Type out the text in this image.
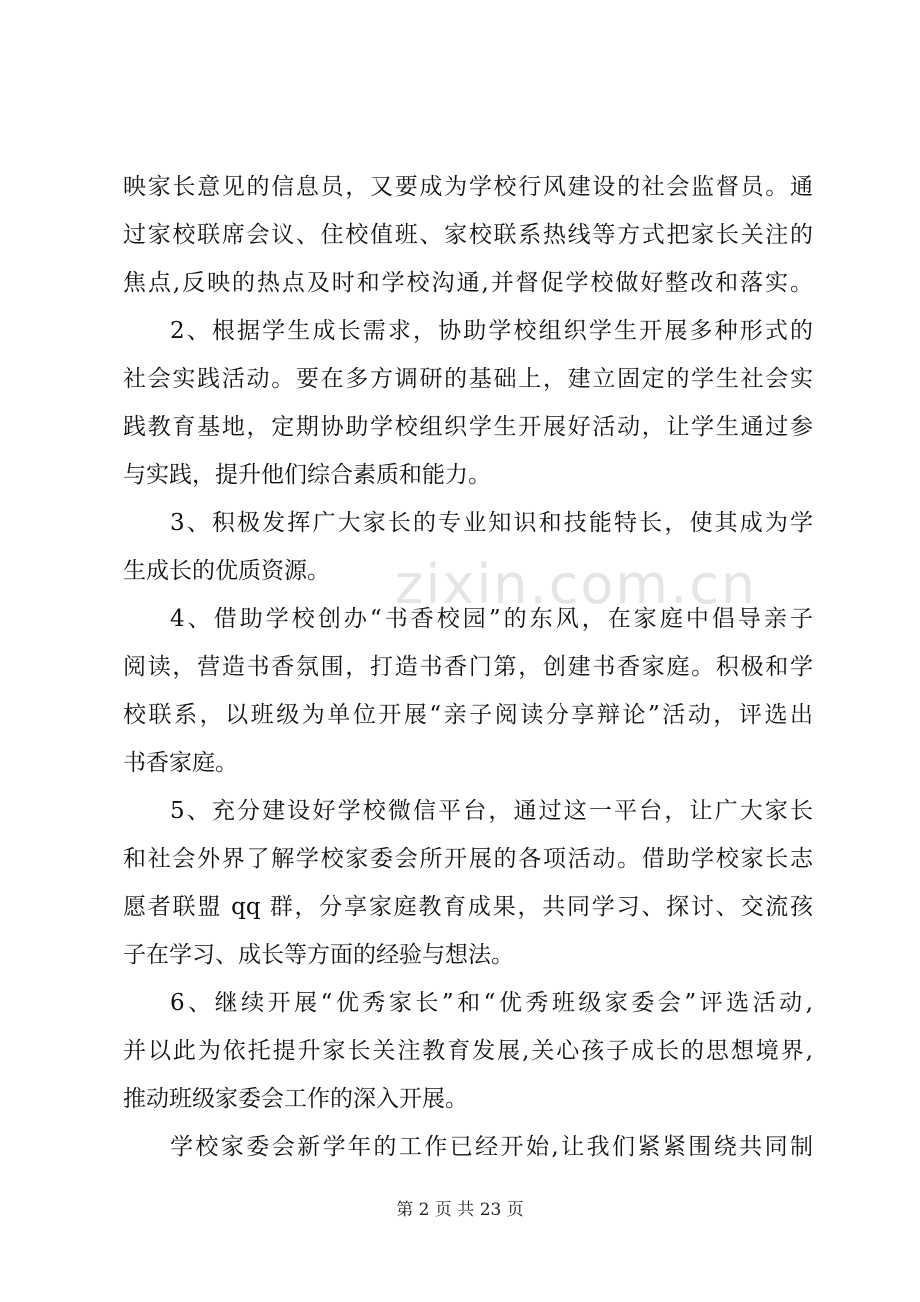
映家长意见的信息员，又要成为学校行风建设的社会监督员。通
过家校联席会议、住校值班、家校联系热线等方式把家长关注的
焦点,反映的热点及时和学校沟通,并督促学校做好整改和落实。
2、根据学生成长需求，协助学校组织学生开展多种形式的
社会实践活动。要在多方调研的基础上，建立固定的学生社会实
践教育基地，定期协助学校组织学生开展好活动，让学生通过参
与实践，提升他们综合素质和能力。
3、积极发挥广大家长的专业知识和技能特长，使其成为学
生成长的优质资源。
4、借助学校创办“书香校园”的东风，在家庭中倡导亲子
阅读，营造书香氛围，打造书香门第，创建书香家庭。积极和学
校联系，以班级为单位开展“亲子阅读分享辩论”活动，评选出
书香家庭。
5、充分建设好学校微信平台，通过这一平台，让广大家长
和社会外界了解学校家委会所开展的各项活动。借助学校家长志
愿者联盟 qq 群，分享家庭教育成果，共同学习、探讨、交流孩
子在学习、成长等方面的经验与想法。
6、继续开展“优秀家长”和“优秀班级家委会”评选活动,
并以此为依托提升家长关注教育发展,关心孩子成长的思想境界,
推动班级家委会工作的深入开展。
学校家委会新学年的工作已经开始,让我们紧紧围绕共同制
zixin.com.cn
第 2 页 共 23 页
